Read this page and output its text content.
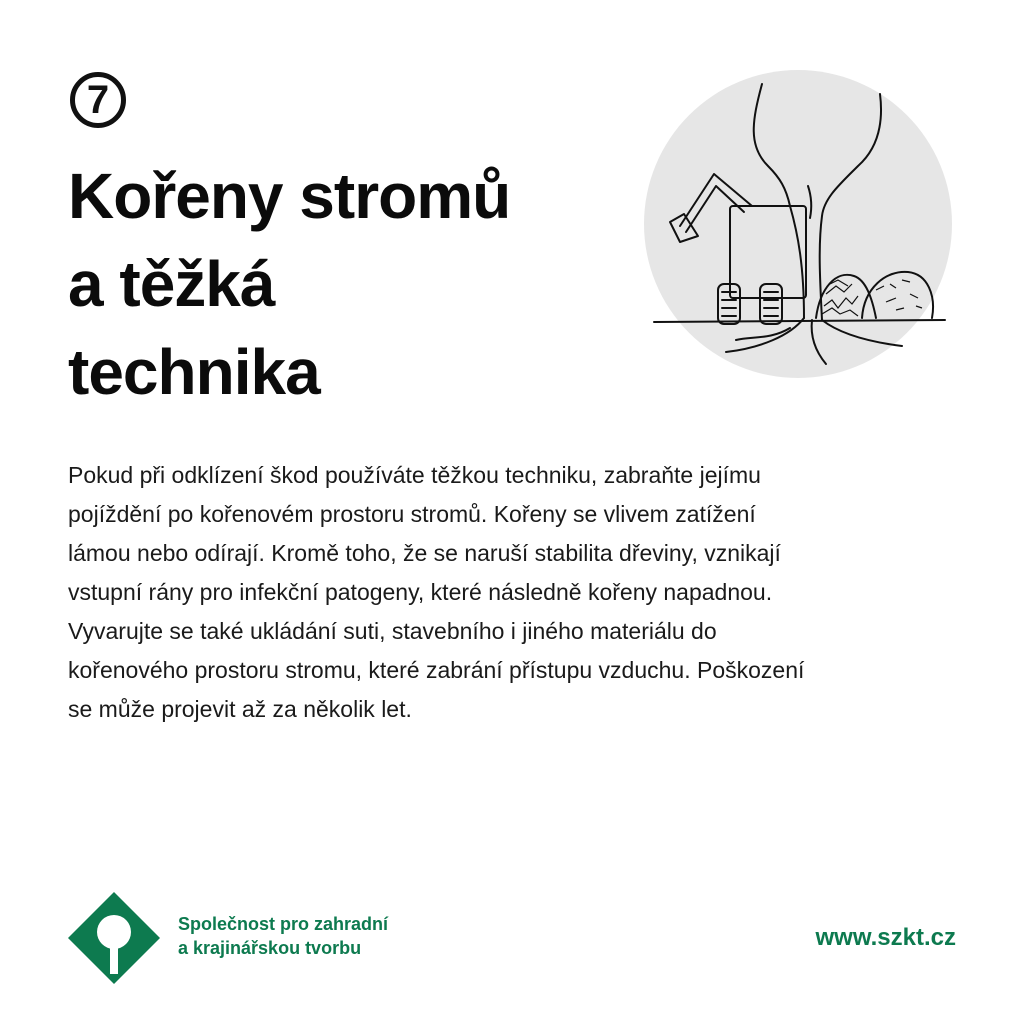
7
Kořeny stromů
a těžká
technika

Pokud při odklízení škod používáte těžkou techniku, zabraňte jejímu pojíždění po kořenovém prostoru stromů. Kořeny se vlivem zatížení lámou nebo odírají. Kromě toho, že se naruší stabilita dřeviny, vznikají vstupní rány pro infekční patogeny, které následně kořeny napadnou. Vyvarujte se také ukládání suti, stavebního i jiného materiálu do kořenového prostoru stromu, které zabrání přístupu vzduchu. Poškození se může projevit až za několik let.

Společnost pro zahradní
a krajinářskou tvorbu	www.szkt.cz
